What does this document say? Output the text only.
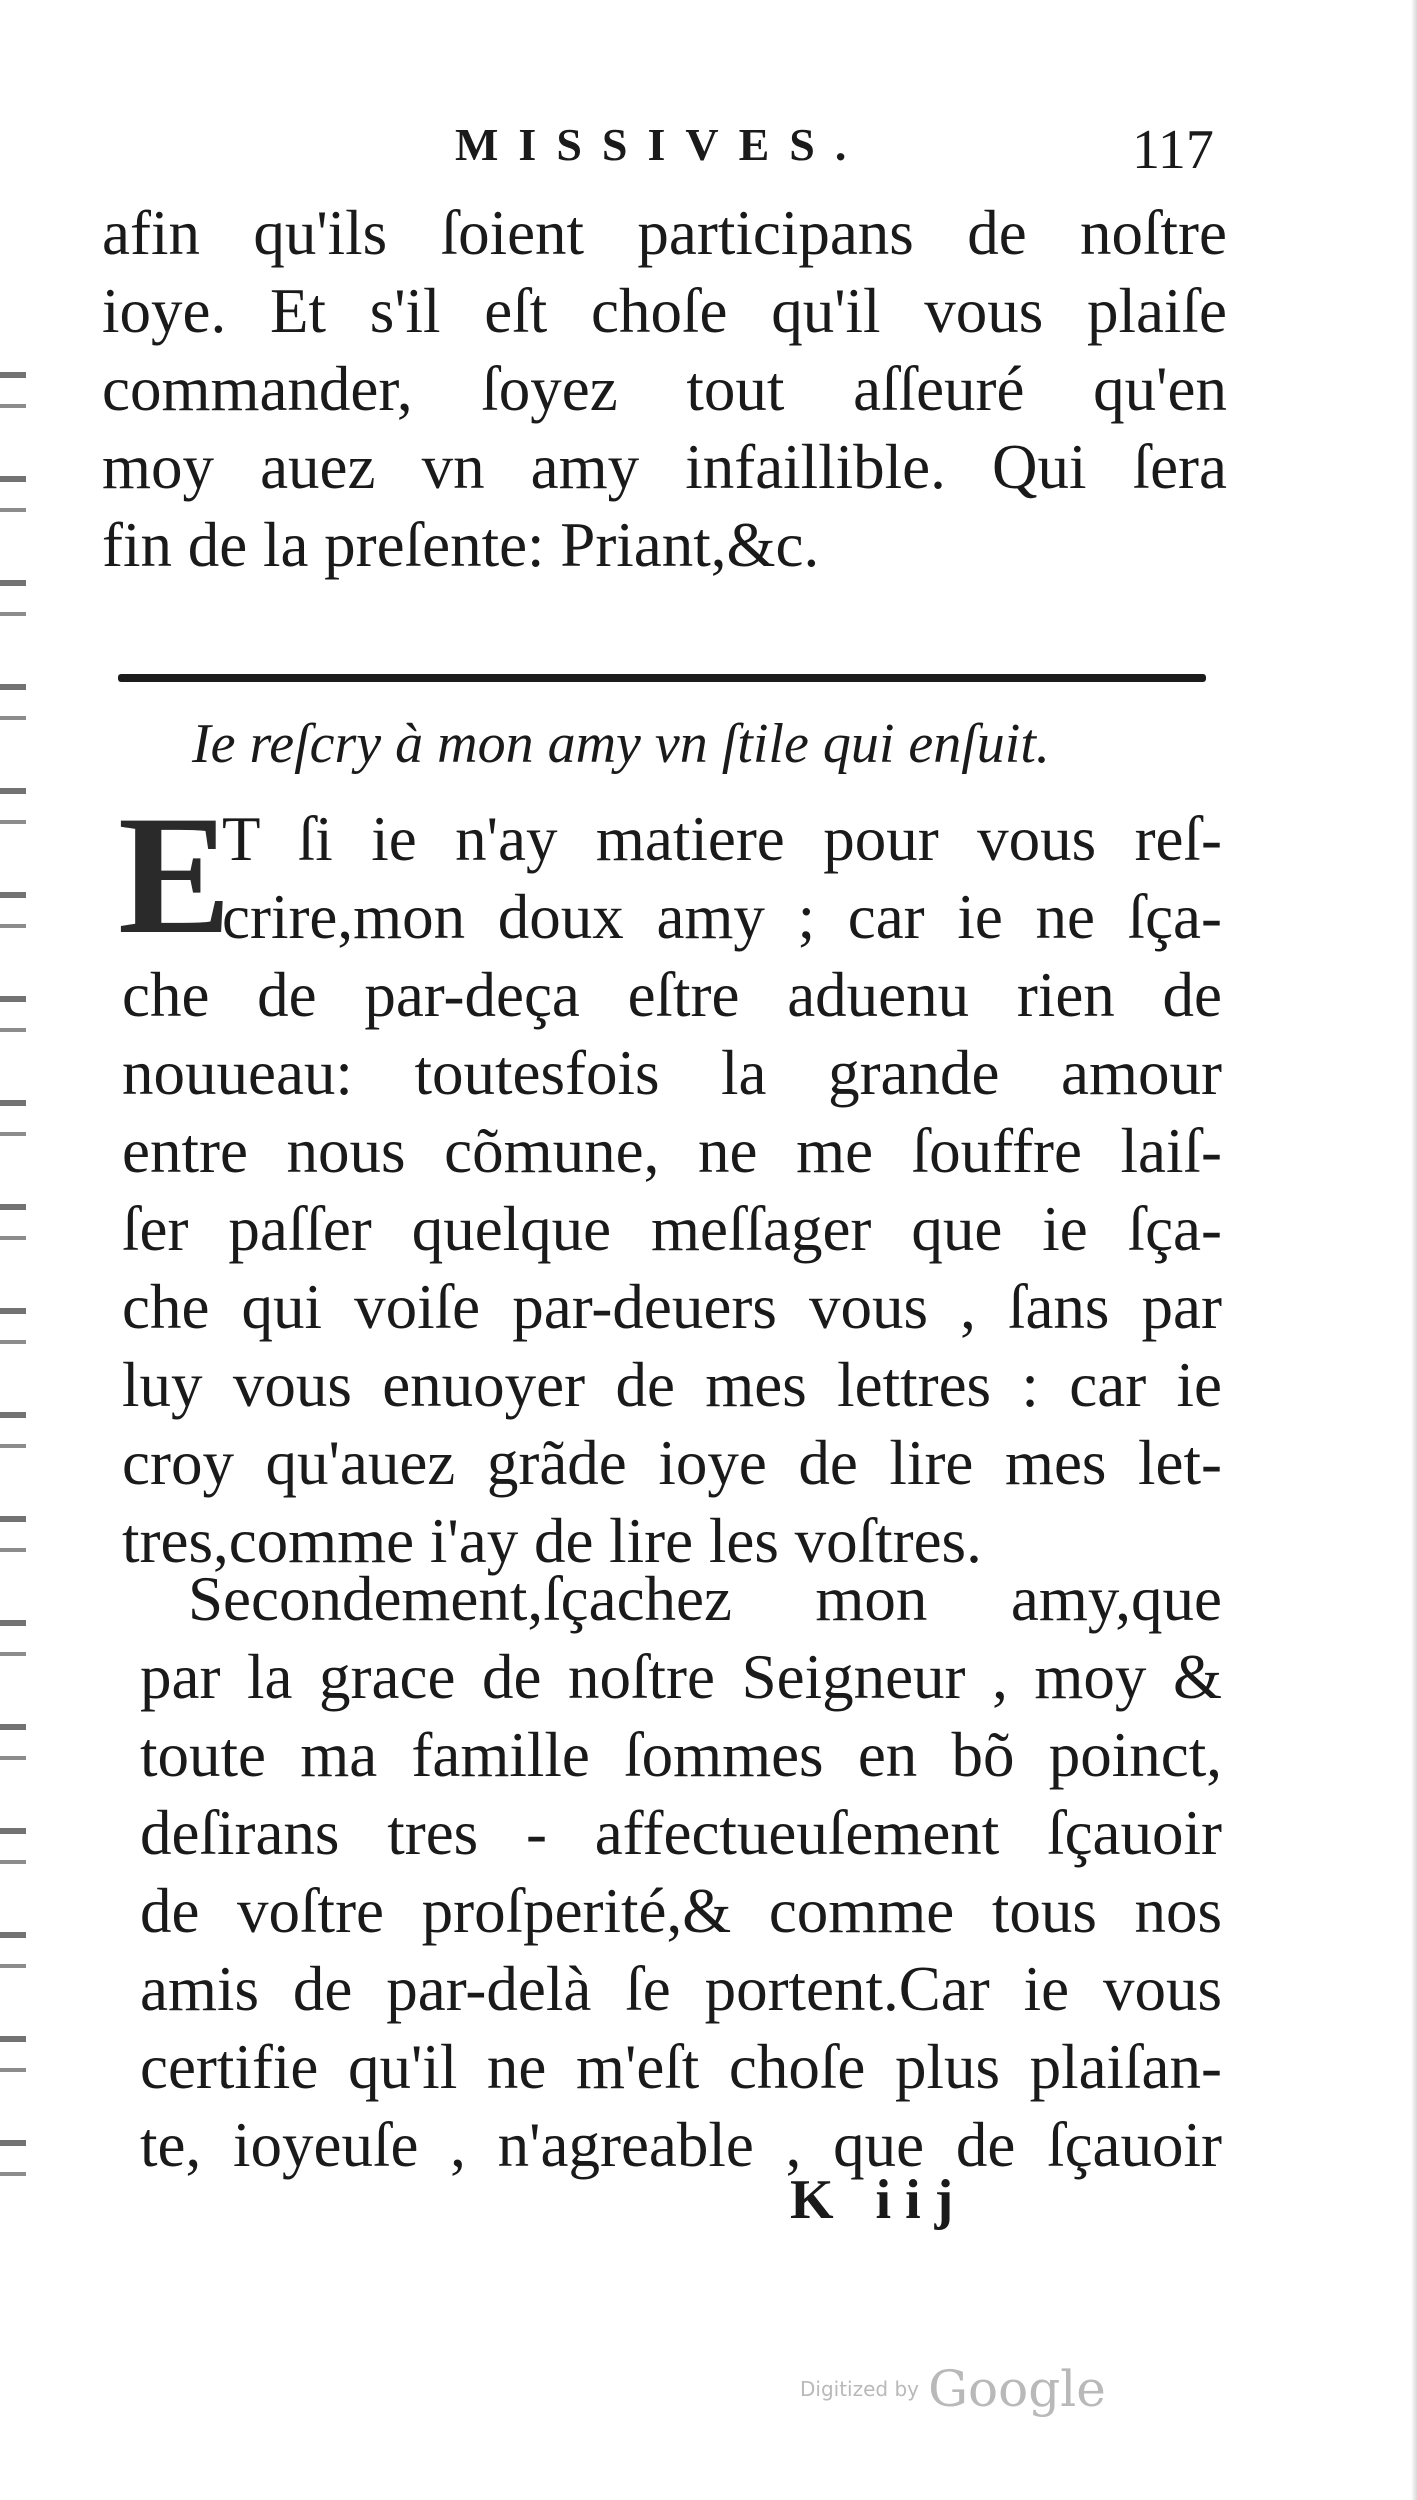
MISSIVES.	117
afin qu'ils ſoient participans de noſtre
ioye. Et s'il eſt choſe qu'il vous plaiſe
commander, ſoyez tout aſſeuré qu'en
moy auez vn amy infaillible. Qui ſera
fin de la preſente: Priant,&c.
Ie reſcry à mon amy vn ſtile qui enſuit.
E
T ſi ie n'ay matiere pour vous reſ-
crire,mon doux amy ; car ie ne ſça-
che de par-deça eſtre aduenu rien de
nouueau: toutesfois la grande amour
entre nous cõmune, ne me ſouffre laiſ-
ſer paſſer quelque meſſager que ie ſça-
che qui voiſe par-deuers vous , ſans par
luy vous enuoyer de mes lettres : car ie
croy qu'auez grãde ioye de lire mes let-
tres,comme i'ay de lire les voſtres.
Secondement,ſçachez mon amy,que
par la grace de noſtre Seigneur , moy &
toute ma famille ſommes en bõ poinct,
deſirans tres - affectueuſement ſçauoir
de voſtre proſperité,& comme tous nos
amis de par-delà ſe portent.Car ie vous
certifie qu'il ne m'eſt choſe plus plaiſan-
te, ioyeuſe , n'agreable , que de ſçauoir
K iij
Digitized by Google
